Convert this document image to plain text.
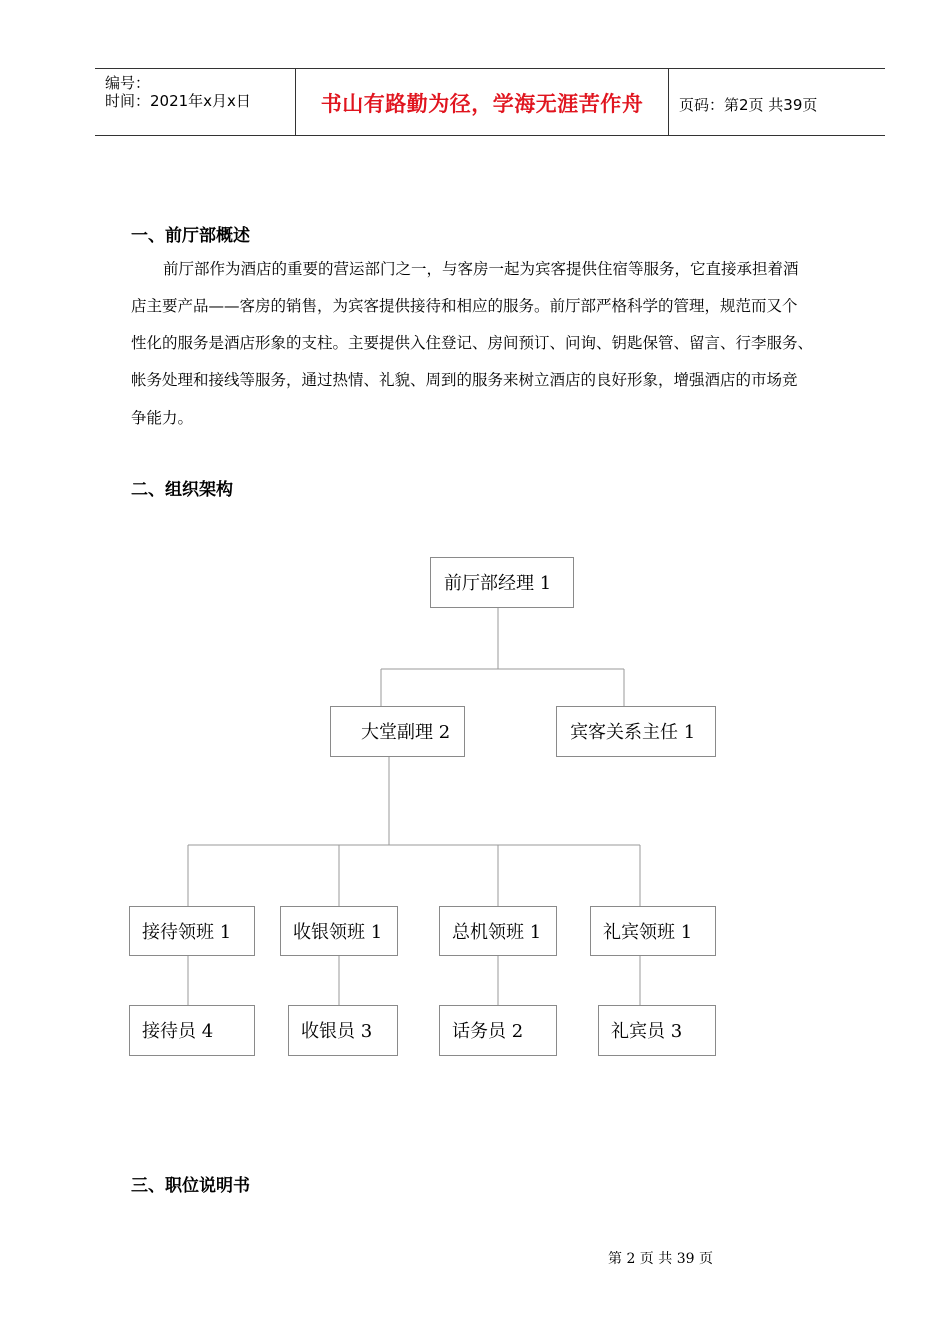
编号：
时间：2021年x月x日	书山有路勤为径，学海无涯苦作舟	页码：第2页 共39页
一、前厅部概述
前厅部作为酒店的重要的营运部门之一，与客房一起为宾客提供住宿等服务，它直接承担着酒
店主要产品——客房的销售，为宾客提供接待和相应的服务。前厅部严格科学的管理，规范而又个
性化的服务是酒店形象的支柱。主要提供入住登记、房间预订、问询、钥匙保管、留言、行李服务、
帐务处理和接线等服务，通过热情、礼貌、周到的服务来树立酒店的良好形象，增强酒店的市场竞
争能力。
二、组织架构
前厅部经理 1
大堂副理 2	宾客关系主任 1
接待领班 1	收银领班 1	总机领班 1	礼宾领班 1
接待员 4	收银员 3	话务员 2	礼宾员 3
三、职位说明书
第 2 页 共 39 页
